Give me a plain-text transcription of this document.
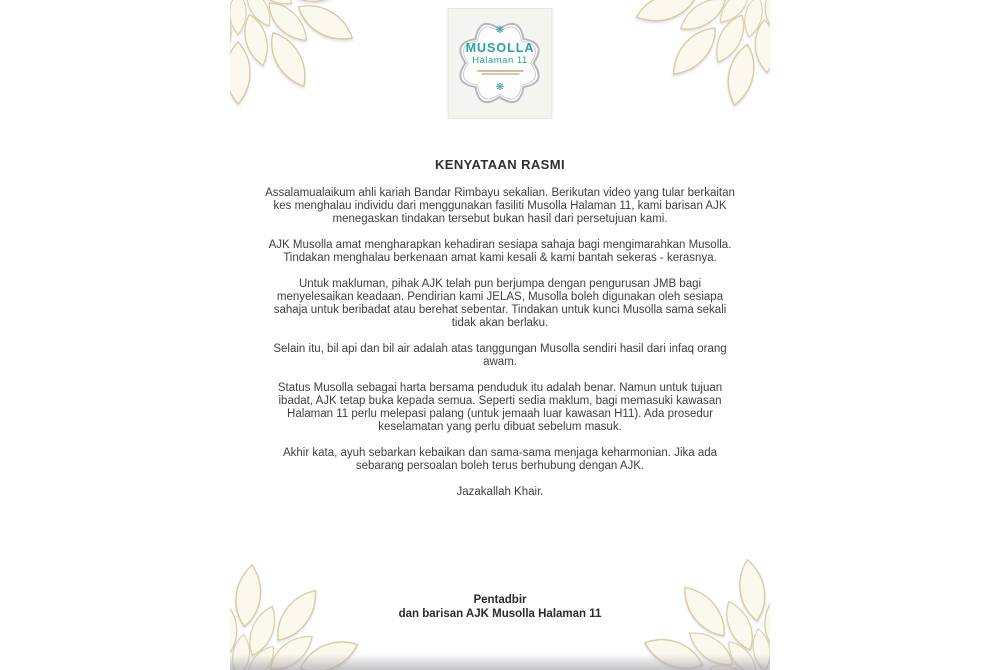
❋
MUSOLLA
Halaman 11
❋
KENYATAAN RASMI

Assalamualaikum ahli kariah Bandar Rimbayu sekalian. Berikutan video yang tular berkaitan kes menghalau individu dari menggunakan fasiliti Musolla Halaman 11, kami barisan AJK menegaskan tindakan tersebut bukan hasil dari persetujuan kami.

AJK Musolla amat mengharapkan kehadiran sesiapa sahaja bagi mengimarahkan Musolla. Tindakan menghalau berkenaan amat kami kesali & kami bantah sekeras - kerasnya.

Untuk makluman, pihak AJK telah pun berjumpa dengan pengurusan JMB bagi menyelesaikan keadaan. Pendirian kami JELAS, Musolla boleh digunakan oleh sesiapa sahaja untuk beribadat atau berehat sebentar. Tindakan untuk kunci Musolla sama sekali tidak akan berlaku.

Selain itu, bil api dan bil air adalah atas tanggungan Musolla sendiri hasil dari infaq orang awam.

Status Musolla sebagai harta bersama penduduk itu adalah benar. Namun untuk tujuan ibadat, AJK tetap buka kepada semua. Seperti sedia maklum, bagi memasuki kawasan Halaman 11 perlu melepasi palang (untuk jemaah luar kawasan H11). Ada prosedur keselamatan yang perlu dibuat sebelum masuk.

Akhir kata, ayuh sebarkan kebaikan dan sama-sama menjaga keharmonian. Jika ada sebarang persoalan boleh terus berhubung dengan AJK.

Jazakallah Khair.

Pentadbir
dan barisan AJK Musolla Halaman 11
